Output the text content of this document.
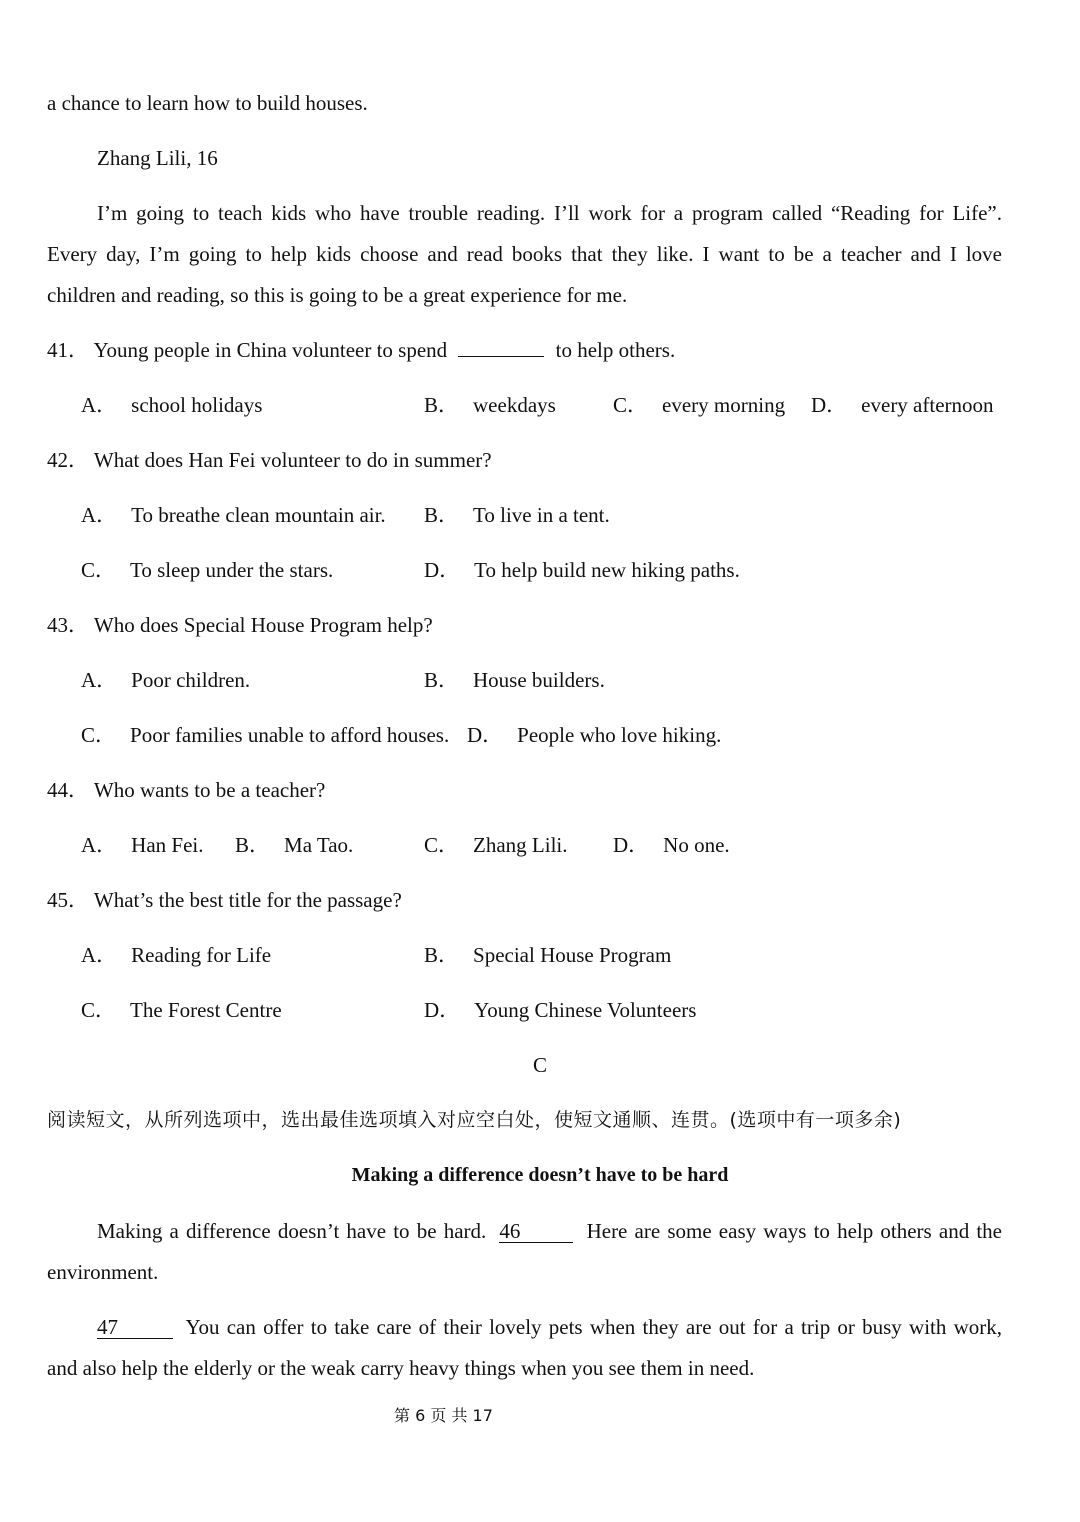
a chance to learn how to build houses.
Zhang Lili, 16
I’m going to teach kids who have trouble reading. I’ll work for a program called “Reading for Life”.
Every day, I’m going to help kids choose and read books that they like. I want to be a teacher and I love
children and reading, so this is going to be a great experience for me.
41． Young people in China volunteer to spend	to help others.
A． school holidays	B． weekdays	C． every morning D． every afternoon
42． What does Han Fei volunteer to do in summer?
A． To breathe clean mountain air. B． To live in a tent.
C． To sleep under the stars.	D． To help build new hiking paths.
43． Who does Special House Program help?
A． Poor children.	B． House builders.
C． Poor families unable to afford houses. D． People who love hiking.
44． Who wants to be a teacher?
A． Han Fei. B． Ma Tao.	C． Zhang Lili. D． No one.
45． What’s the best title for the passage?
A． Reading for Life	B． Special House Program
C． The Forest Centre	D． Young Chinese Volunteers
C
阅读短文，从所列选项中，选出最佳选项填入对应空白处，使短文通顺、连贯。(选项中有一项多余)
Making a difference doesn’t have to be hard
Making a difference doesn’t have to be hard. 46	Here are some easy ways to help others and the
environment.
47	You can offer to take care of their lovely pets when they are out for a trip or busy with work,
and also help the elderly or the weak carry heavy things when you see them in need.
第 6 页 共 17
